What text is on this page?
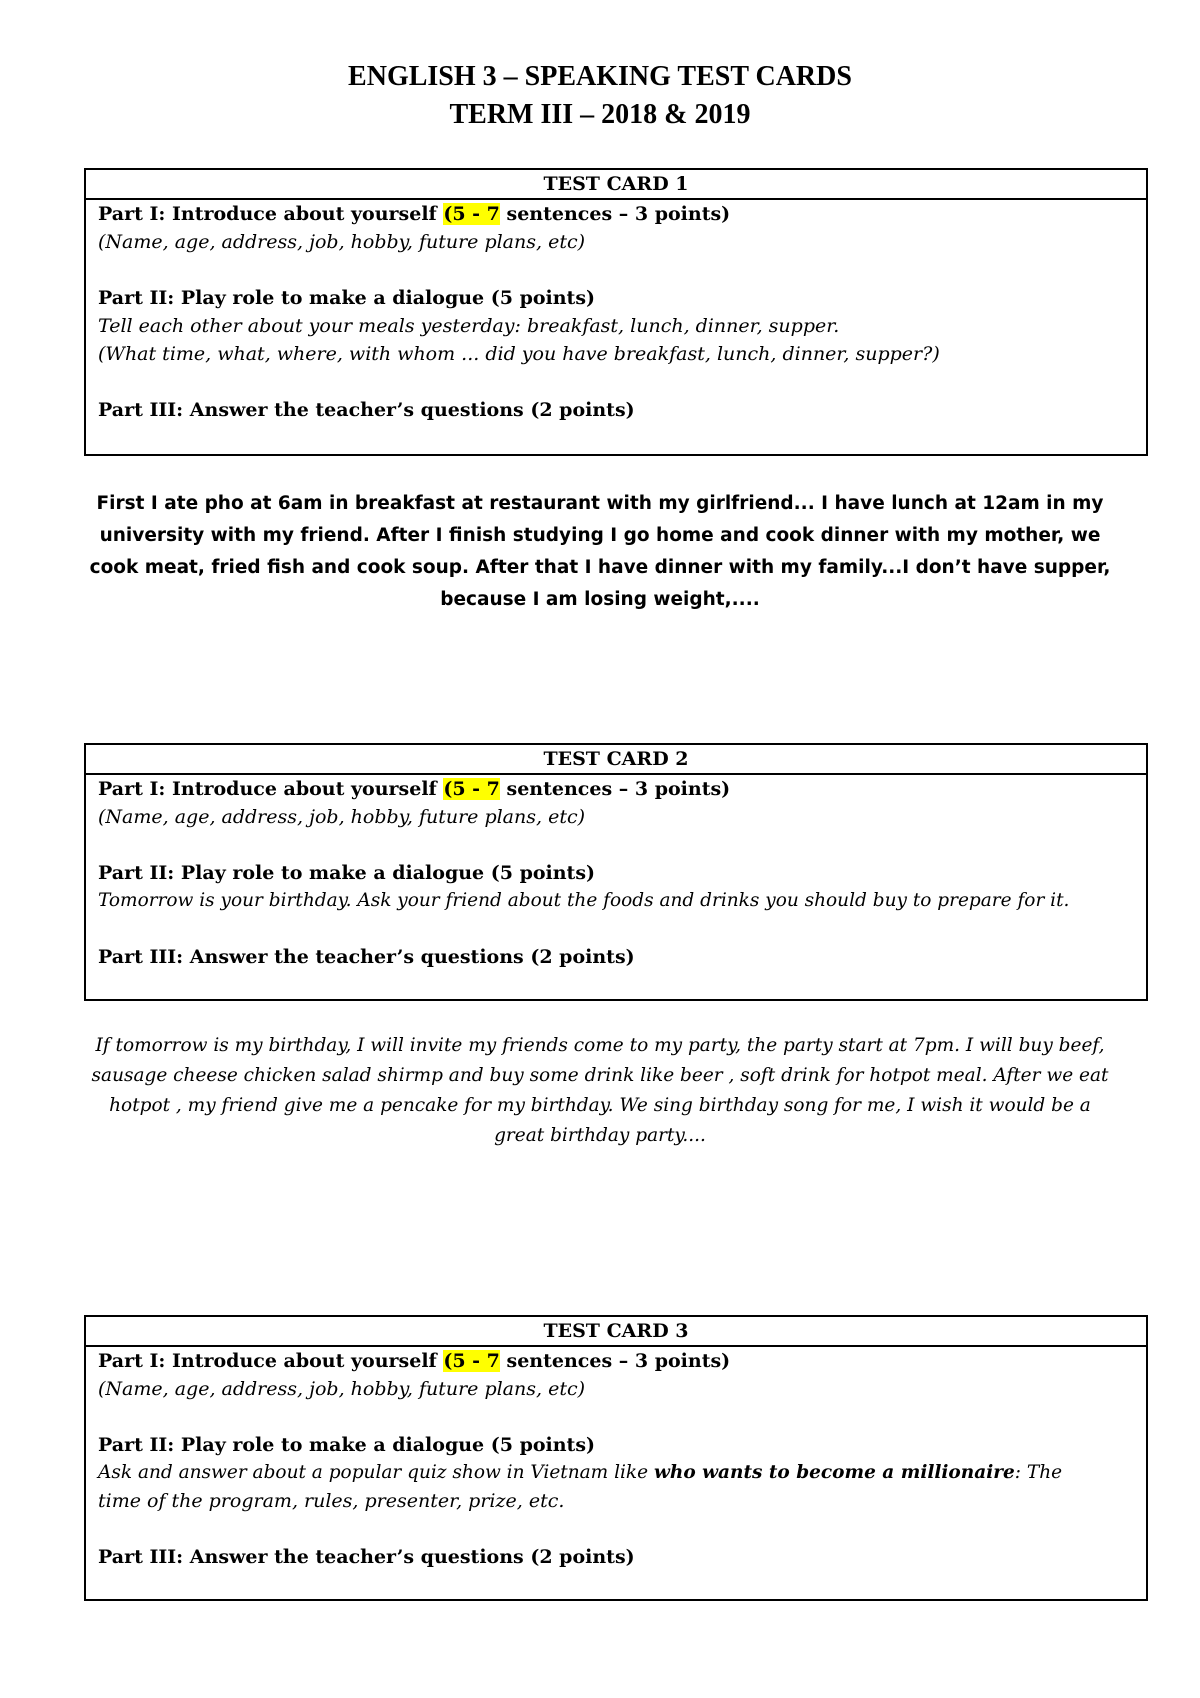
ENGLISH 3 – SPEAKING TEST CARDS
TERM III – 2018 & 2019
TEST CARD 1
Part I: Introduce about yourself (5 - 7 sentences – 3 points)
(Name, age, address, job, hobby, future plans, etc)
Part II: Play role to make a dialogue (5 points)
Tell each other about your meals yesterday: breakfast, lunch, dinner, supper.
(What time, what, where, with whom ... did you have breakfast, lunch, dinner, supper?)
Part III: Answer the teacher’s questions (2 points)
First I ate pho at 6am in breakfast at restaurant with my girlfriend... I have lunch at 12am in my
university with my friend. After I finish studying I go home and cook dinner with my mother, we
cook meat, fried fish and cook soup. After that I have dinner with my family...I don’t have supper,
because I am losing weight,....
TEST CARD 2
Part I: Introduce about yourself (5 - 7 sentences – 3 points)
(Name, age, address, job, hobby, future plans, etc)
Part II: Play role to make a dialogue (5 points)
Tomorrow is your birthday. Ask your friend about the foods and drinks you should buy to prepare for it.
Part III: Answer the teacher’s questions (2 points)
If tomorrow is my birthday, I will invite my friends come to my party, the party start at 7pm. I will buy beef,
sausage cheese chicken salad shirmp and buy some drink like beer , soft drink for hotpot meal. After we eat
hotpot , my friend give me a pencake for my birthday. We sing birthday song for me, I wish it would be a
great birthday party....
TEST CARD 3
Part I: Introduce about yourself (5 - 7 sentences – 3 points)
(Name, age, address, job, hobby, future plans, etc)
Part II: Play role to make a dialogue (5 points)
Ask and answer about a popular quiz show in Vietnam like who wants to become a millionaire: The
time of the program, rules, presenter, prize, etc.
Part III: Answer the teacher’s questions (2 points)
